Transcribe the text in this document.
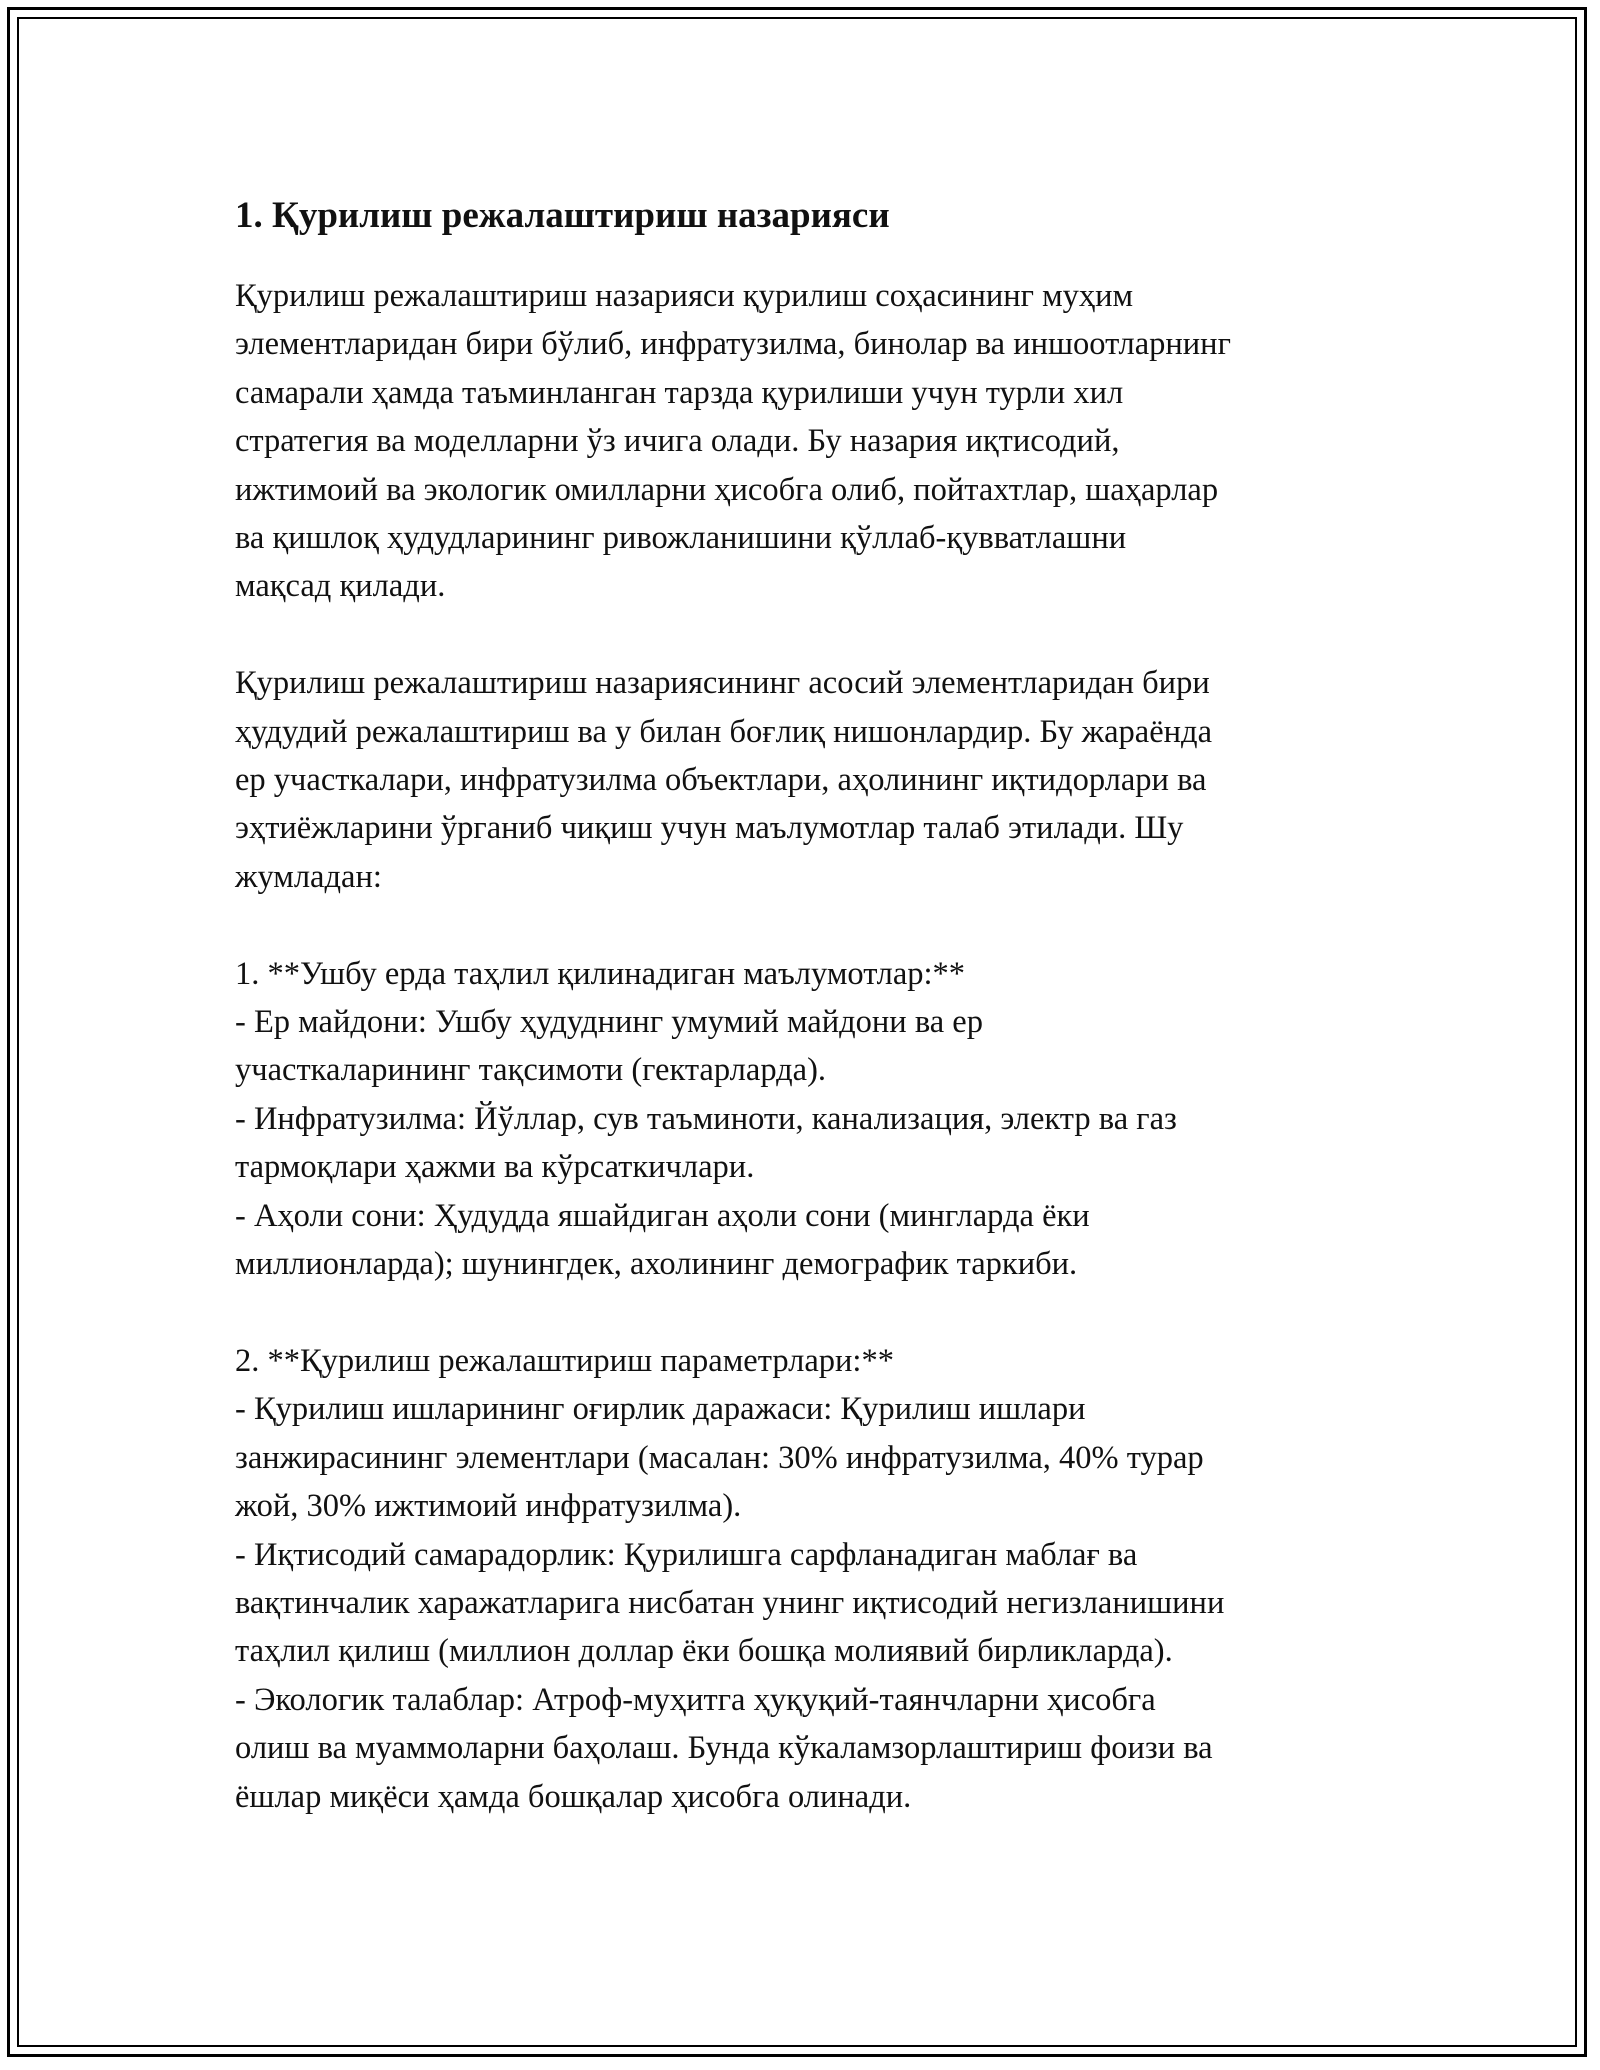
1. Қурилиш режалаштириш назарияси

Қурилиш режалаштириш назарияси қурилиш соҳасининг муҳим
элементларидан бири бўлиб, инфратузилма, бинолар ва иншоотларнинг
самарали ҳамда таъминланган тарзда қурилиши учун турли хил
стратегия ва моделларни ўз ичига олади. Бу назария иқтисодий,
ижтимоий ва экологик омилларни ҳисобга олиб, пойтахтлар, шаҳарлар
ва қишлоқ ҳудудларининг ривожланишини қўллаб-қувватлашни
мақсад қилади.

Қурилиш режалаштириш назариясининг асосий элементларидан бири
ҳудудий режалаштириш ва у билан боғлиқ нишонлардир. Бу жараёнда
ер участкалари, инфратузилма объектлари, аҳолининг иқтидорлари ва
эҳтиёжларини ўрганиб чиқиш учун маълумотлар талаб этилади. Шу
жумладан:

1. **Ушбу ерда таҳлил қилинадиган маълумотлар:**
- Ер майдони: Ушбу ҳудуднинг умумий майдони ва ер
участкаларининг тақсимоти (гектарларда).
- Инфратузилма: Йўллар, сув таъминоти, канализация, электр ва газ
тармоқлари ҳажми ва кўрсаткичлари.
- Аҳоли сони: Ҳудудда яшайдиган аҳоли сони (мингларда ёки
миллионларда); шунингдек, ахолининг демографик таркиби.

2. **Қурилиш режалаштириш параметрлари:**
- Қурилиш ишларининг оғирлик даражаси: Қурилиш ишлари
занжирасининг элементлари (масалан: 30% инфратузилма, 40% турар
жой, 30% ижтимоий инфратузилма).
- Иқтисодий самарадорлик: Қурилишга сарфланадиган маблағ ва
вақтинчалик харажатларига нисбатан унинг иқтисодий негизланишини
таҳлил қилиш (миллион доллар ёки бошқа молиявий бирликларда).
- Экологик талаблар: Атроф-муҳитга ҳуқуқий-таянчларни ҳисобга
олиш ва муаммоларни баҳолаш. Бунда кўкаламзорлаштириш фоизи ва
ёшлар миқёси ҳамда бошқалар ҳисобга олинади.
